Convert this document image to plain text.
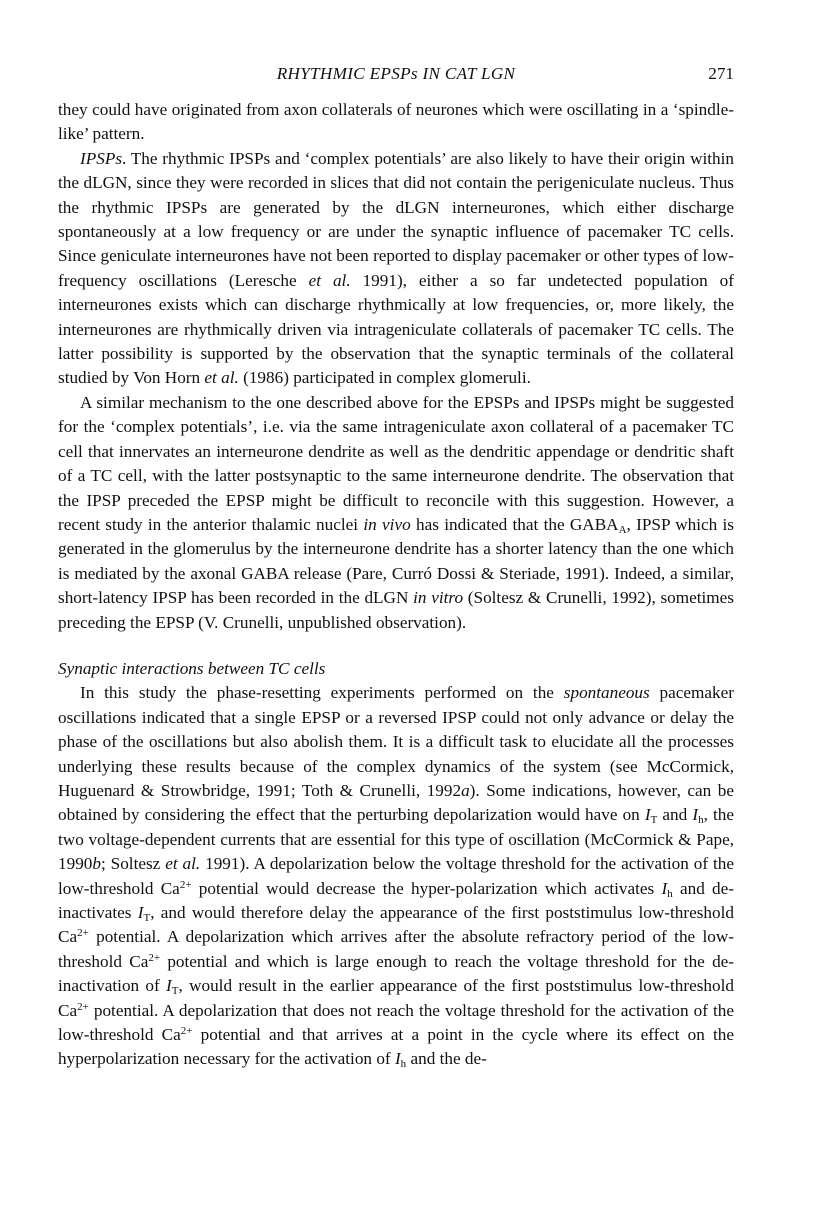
RHYTHMIC EPSPs IN CAT LGN	271

they could have originated from axon collaterals of neurones which were oscillating in a ‘spindle-like’ pattern.

IPSPs. The rhythmic IPSPs and ‘complex potentials’ are also likely to have their origin within the dLGN, since they were recorded in slices that did not contain the perigeniculate nucleus. Thus the rhythmic IPSPs are generated by the dLGN interneurones, which either discharge spontaneously at a low frequency or are under the synaptic influence of pacemaker TC cells. Since geniculate interneurones have not been reported to display pacemaker or other types of low-frequency oscillations (Leresche et al. 1991), either a so far undetected population of interneurones exists which can discharge rhythmically at low frequencies, or, more likely, the interneurones are rhythmically driven via intrageniculate collaterals of pacemaker TC cells. The latter possibility is supported by the observation that the synaptic terminals of the collateral studied by Von Horn et al. (1986) participated in complex glomeruli.

A similar mechanism to the one described above for the EPSPs and IPSPs might be suggested for the ‘complex potentials’, i.e. via the same intrageniculate axon collateral of a pacemaker TC cell that innervates an interneurone dendrite as well as the dendritic appendage or dendritic shaft of a TC cell, with the latter postsynaptic to the same interneurone dendrite. The observation that the IPSP preceded the EPSP might be difficult to reconcile with this suggestion. However, a recent study in the anterior thalamic nuclei in vivo has indicated that the $GABA_A$, IPSP which is generated in the glomerulus by the interneurone dendrite has a shorter latency than the one which is mediated by the axonal GABA release (Pare, Curró Dossi & Steriade, 1991). Indeed, a similar, short-latency IPSP has been recorded in the dLGN in vitro (Soltesz & Crunelli, 1992), sometimes preceding the EPSP (V. Crunelli, unpublished observation).

Synaptic interactions between TC cells

In this study the phase-resetting experiments performed on the spontaneous pacemaker oscillations indicated that a single EPSP or a reversed IPSP could not only advance or delay the phase of the oscillations but also abolish them. It is a difficult task to elucidate all the processes underlying these results because of the complex dynamics of the system (see McCormick, Huguenard & Strowbridge, 1991; Toth & Crunelli, 1992a). Some indications, however, can be obtained by considering the effect that the perturbing depolarization would have on $I_T$ and $I_h$, the two voltage-dependent currents that are essential for this type of oscillation (McCormick & Pape, 1990b; Soltesz et al. 1991). A depolarization below the voltage threshold for the activation of the low-threshold $Ca^{2+}$ potential would decrease the hyper-polarization which activates $I_h$ and de-inactivates $I_T$, and would therefore delay the appearance of the first poststimulus low-threshold $Ca^{2+}$ potential. A depolarization which arrives after the absolute refractory period of the low-threshold $Ca^{2+}$ potential and which is large enough to reach the voltage threshold for the de-inactivation of $I_T$, would result in the earlier appearance of the first poststimulus low-threshold $Ca^{2+}$ potential. A depolarization that does not reach the voltage threshold for the activation of the low-threshold $Ca^{2+}$ potential and that arrives at a point in the cycle where its effect on the hyperpolarization necessary for the activation of $I_h$ and the de-
